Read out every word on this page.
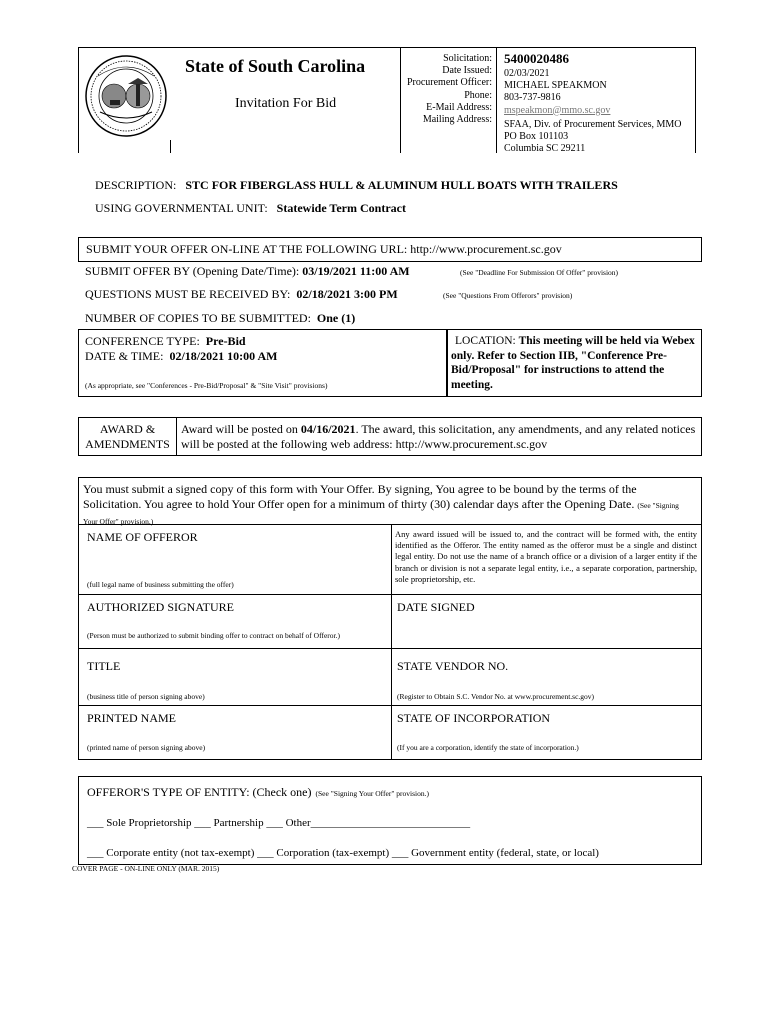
State of South Carolina
Invitation For Bid
Solicitation:
Date Issued:
Procurement Officer:
Phone:
E-Mail Address:
Mailing Address:
5400020486
02/03/2021
MICHAEL SPEAKMON
803-737-9816
mspeakmon@mmo.sc.gov
SFAA, Div. of Procurement Services, MMO
PO Box 101103
Columbia SC 29211
DESCRIPTION: STC FOR FIBERGLASS HULL & ALUMINUM HULL BOATS WITH TRAILERS
USING GOVERNMENTAL UNIT: Statewide Term Contract
SUBMIT YOUR OFFER ON-LINE AT THE FOLLOWING URL: http://www.procurement.sc.gov
SUBMIT OFFER BY (Opening Date/Time): 03/19/2021 11:00 AM	(See "Deadline For Submission Of Offer" provision)
QUESTIONS MUST BE RECEIVED BY: 02/18/2021 3:00 PM	(See "Questions From Offerors" provision)
NUMBER OF COPIES TO BE SUBMITTED: One (1)
CONFERENCE TYPE: Pre-Bid
DATE & TIME: 02/18/2021 10:00 AM
(As appropriate, see "Conferences - Pre-Bid/Proposal" & "Site Visit" provisions)
LOCATION: This meeting will be held via Webex only. Refer to Section IIB, "Conference Pre-Bid/Proposal" for instructions to attend the meeting.
AWARD &
AMENDMENTS
Award will be posted on 04/16/2021. The award, this solicitation, any amendments, and any related notices will be posted at the following web address: http://www.procurement.sc.gov
You must submit a signed copy of this form with Your Offer. By signing, You agree to be bound by the terms of the Solicitation. You agree to hold Your Offer open for a minimum of thirty (30) calendar days after the Opening Date. (See "Signing Your Offer" provision.)
NAME OF OFFEROR
(full legal name of business submitting the offer)
Any award issued will be issued to, and the contract will be formed with, the entity identified as the Offeror. The entity named as the offeror must be a single and distinct legal entity. Do not use the name of a branch office or a division of a larger entity if the branch or division is not a separate legal entity, i.e., a separate corporation, partnership, sole proprietorship, etc.
AUTHORIZED SIGNATURE
(Person must be authorized to submit binding offer to contract on behalf of Offeror.)
DATE SIGNED
TITLE
(business title of person signing above)
STATE VENDOR NO.
(Register to Obtain S.C. Vendor No. at www.procurement.sc.gov)
PRINTED NAME
(printed name of person signing above)
STATE OF INCORPORATION
(If you are a corporation, identify the state of incorporation.)
OFFEROR'S TYPE OF ENTITY: (Check one) (See "Signing Your Offer" provision.)
___ Sole Proprietorship ___ Partnership ___ Other_____________________________
___ Corporate entity (not tax-exempt) ___ Corporation (tax-exempt) ___ Government entity (federal, state, or local)
COVER PAGE - ON-LINE ONLY (MAR. 2015)
